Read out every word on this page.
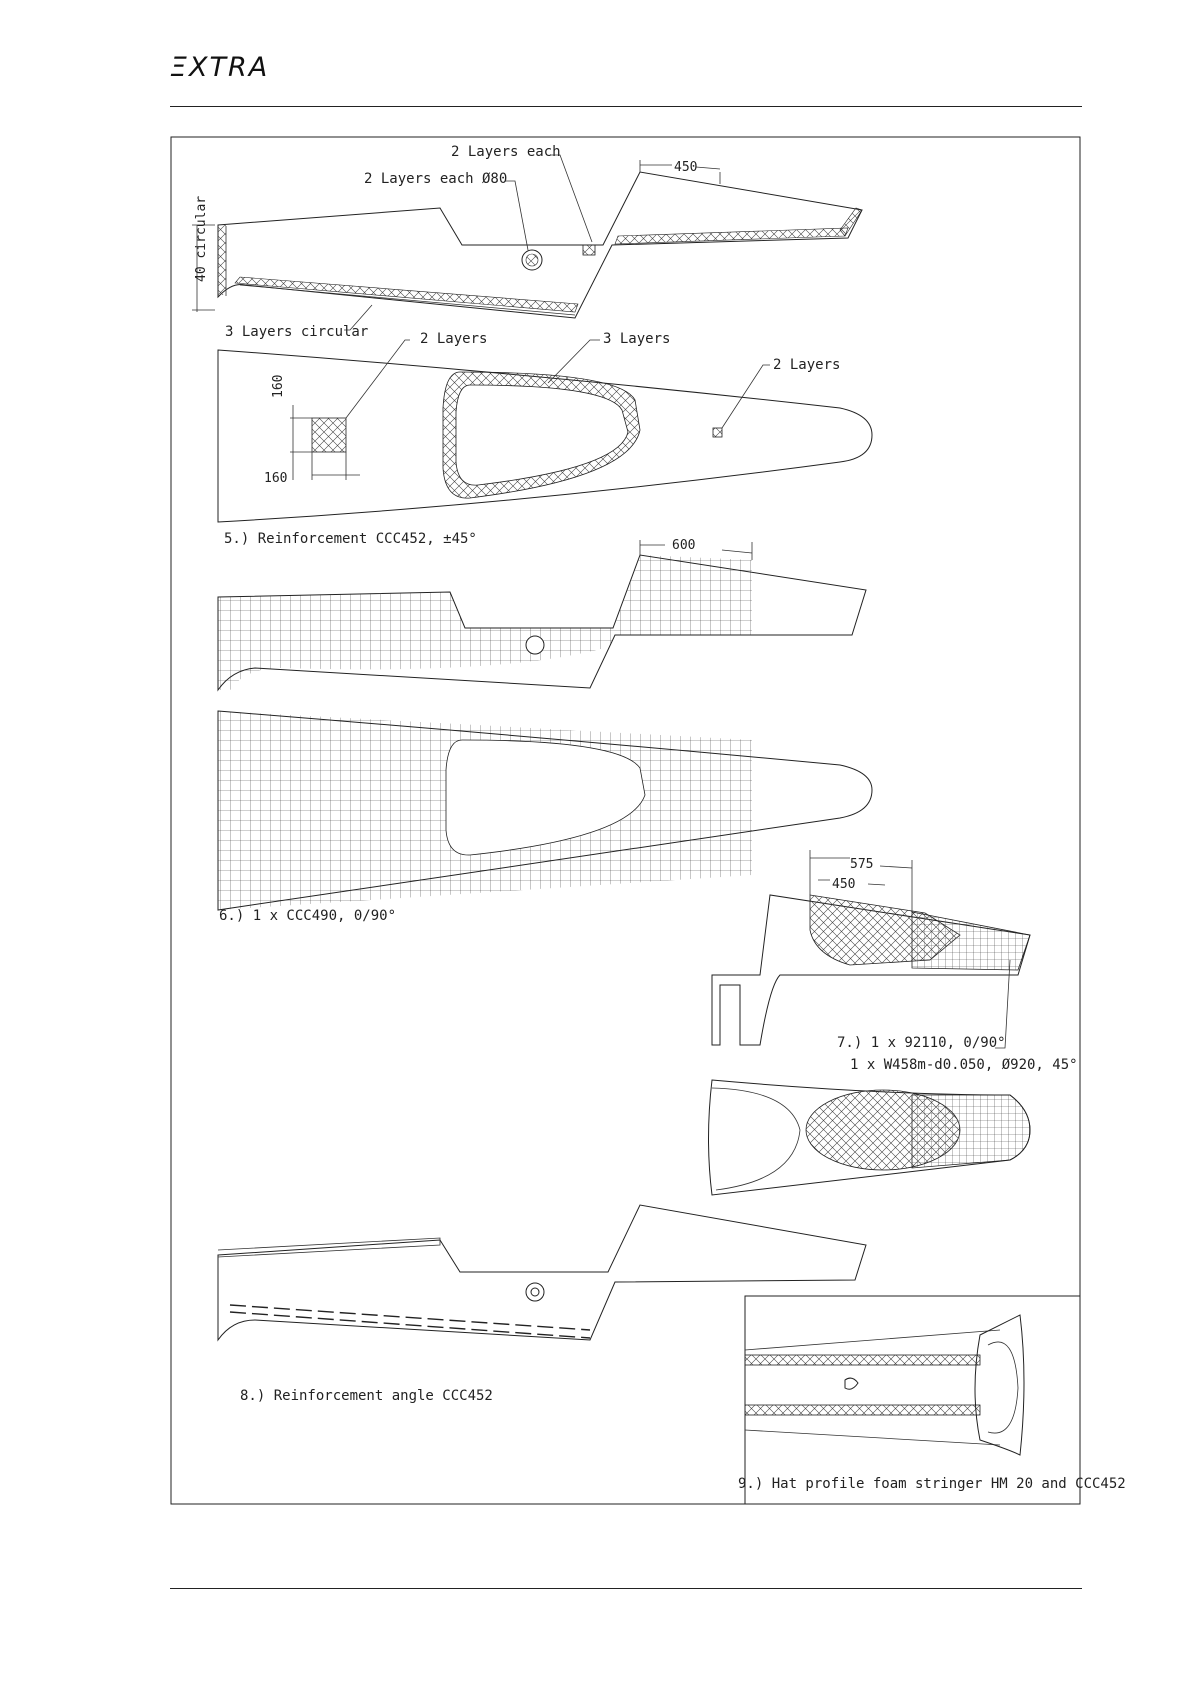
ΞXTRA
2 Layers each
2 Layers each Ø80
450
40 circular
3 Layers circular	2 Layers	3 Layers
2 Layers
160
160
5.) Reinforcement CCC452, ±45°	600
6.) 1 x CCC490, 0/90°
575
450
7.) 1 x 92110, 0/90°
1 x W458m-d0.050, Ø920, 45°
8.) Reinforcement angle CCC452
9.) Hat profile foam stringer HM 20 and CCC452
